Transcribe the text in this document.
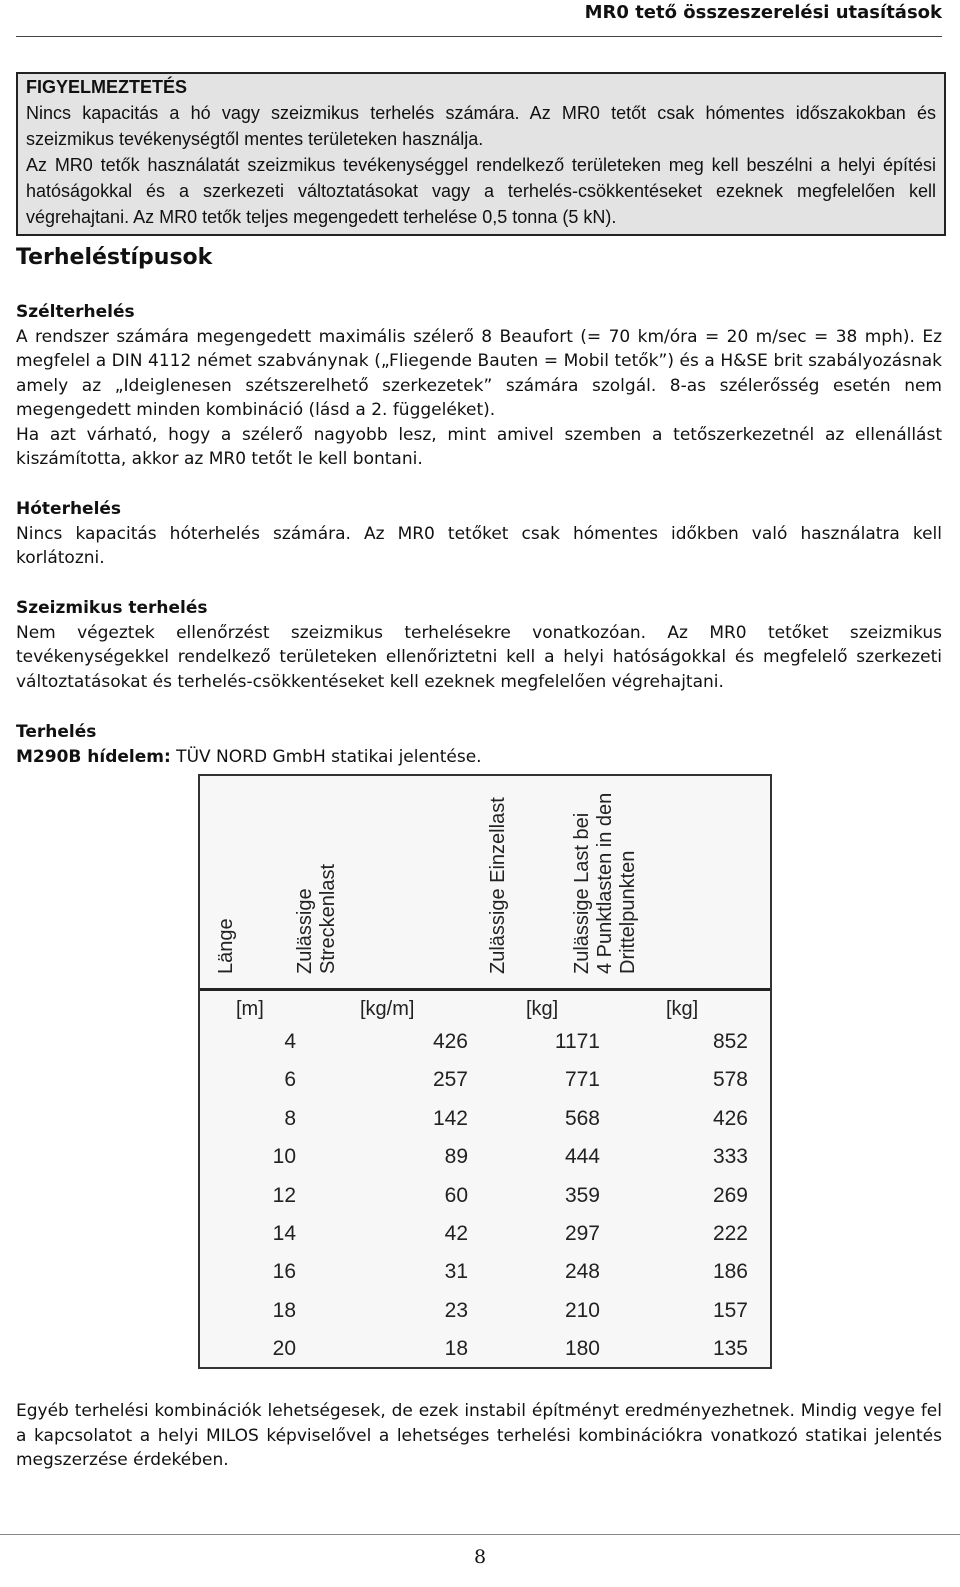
MR0 tető összeszerelési utasítások
FIGYELMEZTETÉS
Nincs kapacitás a hó vagy szeizmikus terhelés számára. Az MR0 tetőt csak hómentes időszakokban és szeizmikus tevékenységtől mentes területeken használja.
Az MR0 tetők használatát szeizmikus tevékenységgel rendelkező területeken meg kell beszélni a helyi építési hatóságokkal és a szerkezeti változtatásokat vagy a terhelés-csökkentéseket ezeknek megfelelően kell végrehajtani. Az MR0 tetők teljes megengedett terhelése 0,5 tonna (5 kN).
Terheléstípusok
Szélterhelés

A rendszer számára megengedett maximális szélerő 8 Beaufort (= 70 km/óra = 20 m/sec = 38 mph). Ez megfelel a DIN 4112 német szabványnak („Fliegende Bauten = Mobil tetők”) és a H&SE brit szabályozásnak amely az „Ideiglenesen szétszerelhető szerkezetek” számára szolgál. 8-as szélerősség esetén nem megengedett minden kombináció (lásd a 2. függeléket).

Ha azt várható, hogy a szélerő nagyobb lesz, mint amivel szemben a tetőszerkezetnél az ellenállást kiszámította, akkor az MR0 tetőt le kell bontani.

Hóterhelés

Nincs kapacitás hóterhelés számára. Az MR0 tetőket csak hómentes időkben való használatra kell korlátozni.

Szeizmikus terhelés

Nem végeztek ellenőrzést szeizmikus terhelésekre vonatkozóan. Az MR0 tetőket szeizmikus tevékenységekkel rendelkező területeken ellenőriztetni kell a helyi hatóságokkal és megfelelő szerkezeti változtatásokat és terhelés-csökkentéseket kell ezeknek megfelelően végrehajtani.

Terhelés

M290B hídelem: TÜV NORD GmbH statikai jelentése.

Länge	Zulässige Streckenlast	Zulässige Einzellast	Zulässige Last bei 4 Punktlasten in den Drittelpunkten
[m]	[kg/m]	[kg]	[kg]
4	426	1171	852
6	257	771	578
8	142	568	426
10	89	444	333
12	60	359	269
14	42	297	222
16	31	248	186
18	23	210	157
20	18	180	135

Egyéb terhelési kombinációk lehetségesek, de ezek instabil építményt eredményezhetnek. Mindig vegye fel a kapcsolatot a helyi MILOS képviselővel a lehetséges terhelési kombinációkra vonatkozó statikai jelentés megszerzése érdekében.

8
